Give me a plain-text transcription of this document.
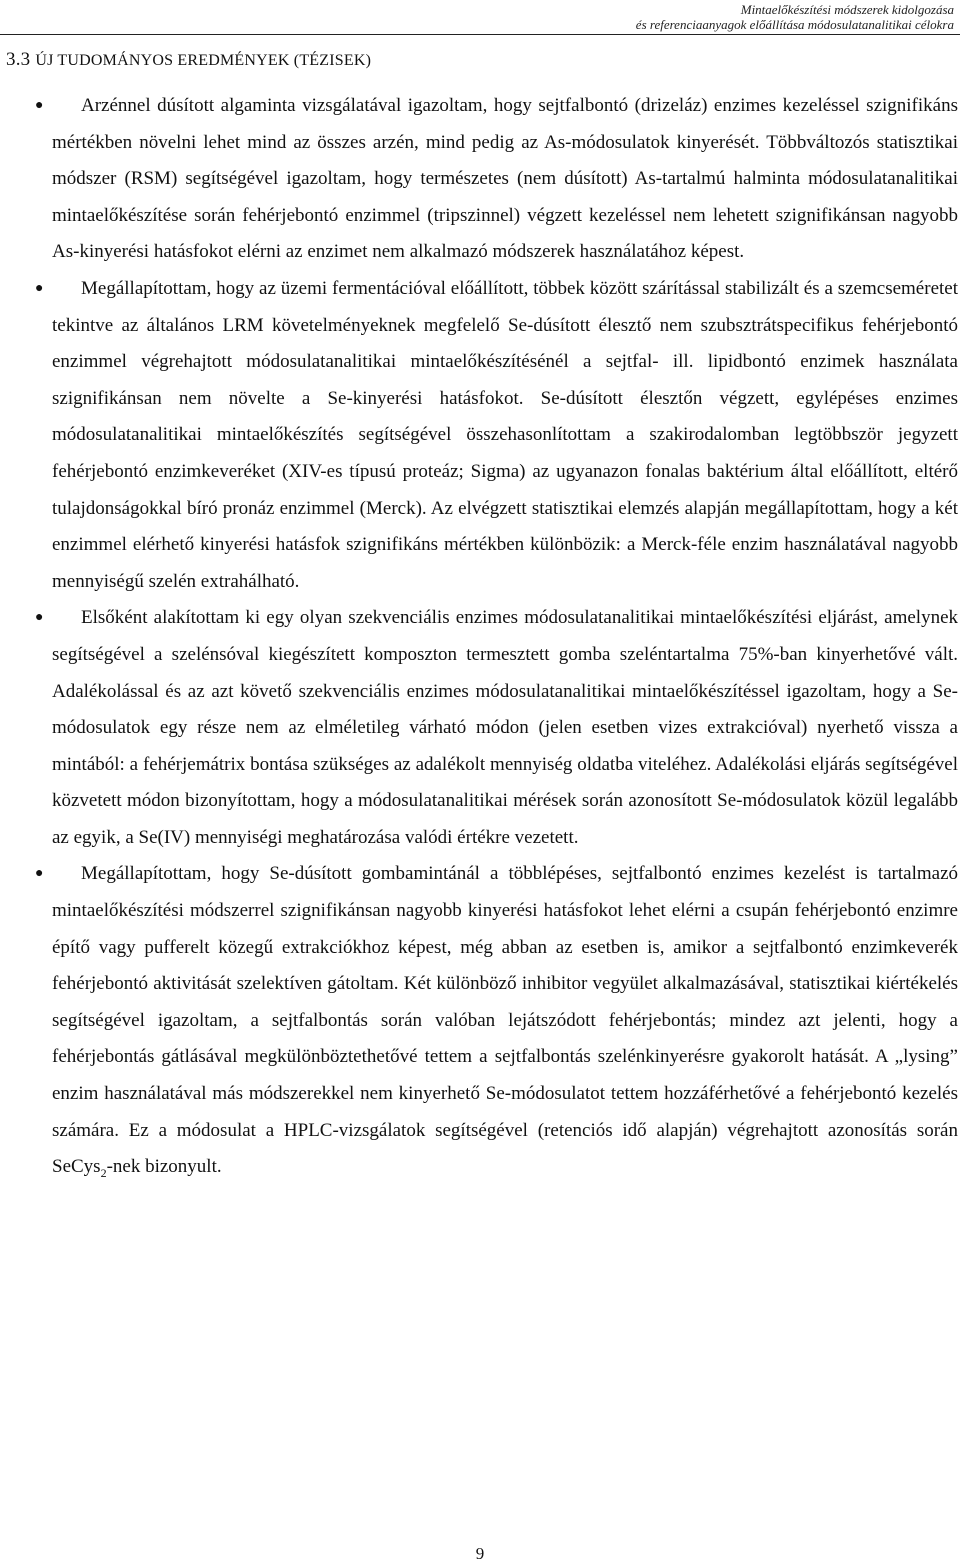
Mintaelőkészítési módszerek kidolgozása
és referenciaanyagok előállítása módosulatanalitikai célokra
3.3 ÚJ TUDOMÁNYOS EREDMÉNYEK (TÉZISEK)

● Arzénnel dúsított algaminta vizsgálatával igazoltam, hogy sejtfalbontó (drizeláz) enzimes kezeléssel szignifikáns mértékben növelni lehet mind az összes arzén, mind pedig az As-módosulatok kinyerését. Többváltozós statisztikai módszer (RSM) segítségével igazoltam, hogy természetes (nem dúsított) As-tartalmú halminta módosulatanalitikai mintaelőkészítése során fehérjebontó enzimmel (tripszinnel) végzett kezeléssel nem lehetett szignifikánsan nagyobb As-kinyerési hatásfokot elérni az enzimet nem alkalmazó módszerek használatához képest.

● Megállapítottam, hogy az üzemi fermentációval előállított, többek között szárítással stabilizált és a szemcseméretet tekintve az általános LRM követelményeknek megfelelő Se-dúsított élesztő nem szubsztrátspecifikus fehérjebontó enzimmel végrehajtott módosulatanalitikai mintaelőkészítésénél a sejtfal- ill. lipidbontó enzimek használata szignifikánsan nem növelte a Se-kinyerési hatásfokot. Se-dúsított élesztőn végzett, egylépéses enzimes módosulatanalitikai mintaelőkészítés segítségével összehasonlítottam a szakirodalomban legtöbbször jegyzett fehérjebontó enzimkeveréket (XIV-es típusú proteáz; Sigma) az ugyanazon fonalas baktérium által előállított, eltérő tulajdonságokkal bíró pronáz enzimmel (Merck). Az elvégzett statisztikai elemzés alapján megállapítottam, hogy a két enzimmel elérhető kinyerési hatásfok szignifikáns mértékben különbözik: a Merck-féle enzim használatával nagyobb mennyiségű szelén extrahálható.

● Elsőként alakítottam ki egy olyan szekvenciális enzimes módosulatanalitikai mintaelőkészítési eljárást, amelynek segítségével a szelénsóval kiegészített komposzton termesztett gomba szeléntartalma 75%-ban kinyerhetővé vált. Adalékolással és az azt követő szekvenciális enzimes módosulatanalitikai mintaelőkészítéssel igazoltam, hogy a Se-módosulatok egy része nem az elméletileg várható módon (jelen esetben vizes extrakcióval) nyerhető vissza a mintából: a fehérjemátrix bontása szükséges az adalékolt mennyiség oldatba viteléhez. Adalékolási eljárás segítségével közvetett módon bizonyítottam, hogy a módosulatanalitikai mérések során azonosított Se-módosulatok közül legalább az egyik, a Se(IV) mennyiségi meghatározása valódi értékre vezetett.

● Megállapítottam, hogy Se-dúsított gombamintánál a többlépéses, sejtfalbontó enzimes kezelést is tartalmazó mintaelőkészítési módszerrel szignifikánsan nagyobb kinyerési hatásfokot lehet elérni a csupán fehérjebontó enzimre építő vagy pufferelt közegű extrakciókhoz képest, még abban az esetben is, amikor a sejtfalbontó enzimkeverék fehérjebontó aktivitását szelektíven gátoltam. Két különböző inhibitor vegyület alkalmazásával, statisztikai kiértékelés segítségével igazoltam, a sejtfalbontás során valóban lejátszódott fehérjebontás; mindez azt jelenti, hogy a fehérjebontás gátlásával megkülönböztethetővé tettem a sejtfalbontás szelénkinyerésre gyakorolt hatását. A „lysing” enzim használatával más módszerekkel nem kinyerhető Se-módosulatot tettem hozzáférhetővé a fehérjebontó kezelés számára. Ez a módosulat a HPLC-vizsgálatok segítségével (retenciós idő alapján) végrehajtott azonosítás során SeCys$_2$-nek bizonyult.

9
